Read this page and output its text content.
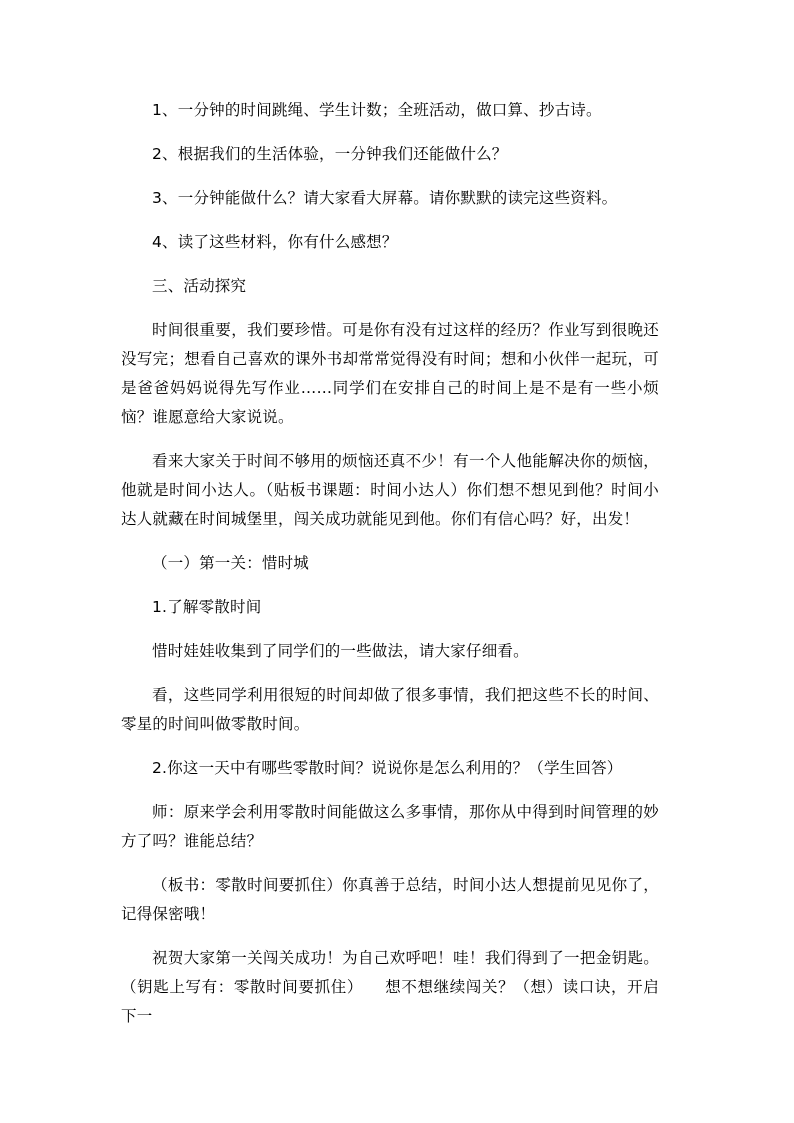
1、一分钟的时间跳绳、学生计数；全班活动，做口算、抄古诗。

2、根据我们的生活体验，一分钟我们还能做什么？

3、一分钟能做什么？请大家看大屏幕。请你默默的读完这些资料。

4、读了这些材料，你有什么感想？

三、活动探究

时间很重要，我们要珍惜。可是你有没有过这样的经历？作业写到很晚还没写完；想看自己喜欢的课外书却常常觉得没有时间；想和小伙伴一起玩，可是爸爸妈妈说得先写作业……同学们在安排自己的时间上是不是有一些小烦恼？谁愿意给大家说说。

看来大家关于时间不够用的烦恼还真不少！有一个人他能解决你的烦恼，他就是时间小达人。（贴板书课题：时间小达人）你们想不想见到他？时间小达人就藏在时间城堡里，闯关成功就能见到他。你们有信心吗？好，出发！

（一）第一关：惜时城

1.了解零散时间

惜时娃娃收集到了同学们的一些做法，请大家仔细看。

看，这些同学利用很短的时间却做了很多事情，我们把这些不长的时间、零星的时间叫做零散时间。

2.你这一天中有哪些零散时间？说说你是怎么利用的？（学生回答）

师：原来学会利用零散时间能做这么多事情，那你从中得到时间管理的妙方了吗？谁能总结？

（板书：零散时间要抓住）你真善于总结，时间小达人想提前见见你了，记得保密哦！

祝贺大家第一关闯关成功！为自己欢呼吧！哇！我们得到了一把金钥匙。（钥匙上写有：零散时间要抓住）    想不想继续闯关？（想）读口诀，开启下一
